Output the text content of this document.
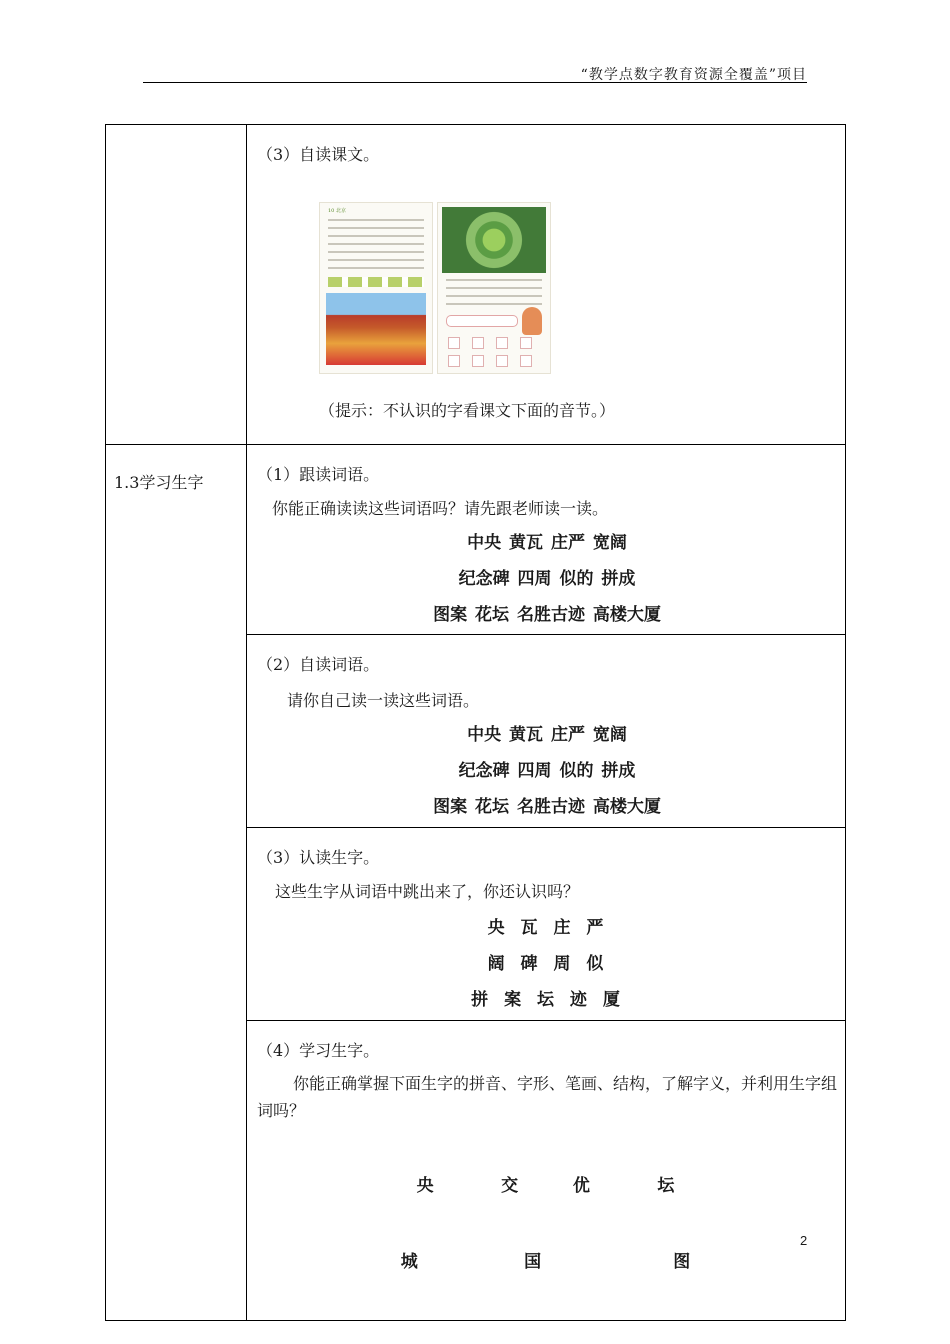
“教学点数字教育资源全覆盖”项目

	（3）自读课文。
10 北京
（提示：不认识的字看课文下面的音节。）

1.3学习生字	（1）跟读词语。
你能正确读读这些词语吗？请先跟老师读一读。
中央 黄瓦 庄严 宽阔
纪念碑 四周 似的 拼成
图案 花坛 名胜古迹 高楼大厦

	（2）自读词语。
请你自己读一读这些词语。
中央 黄瓦 庄严 宽阔
纪念碑 四周 似的 拼成
图案 花坛 名胜古迹 高楼大厦

	（3）认读生字。
这些生字从词语中跳出来了，你还认识吗？
央 瓦 庄 严
阔 碑 周 似
拼 案 坛 迹 厦

	（4）学习生字。
你能正确掌握下面生字的拼音、字形、笔画、结构，了解字义，并利用生字组词吗？

央     交    优     坛

城        国          图

2
